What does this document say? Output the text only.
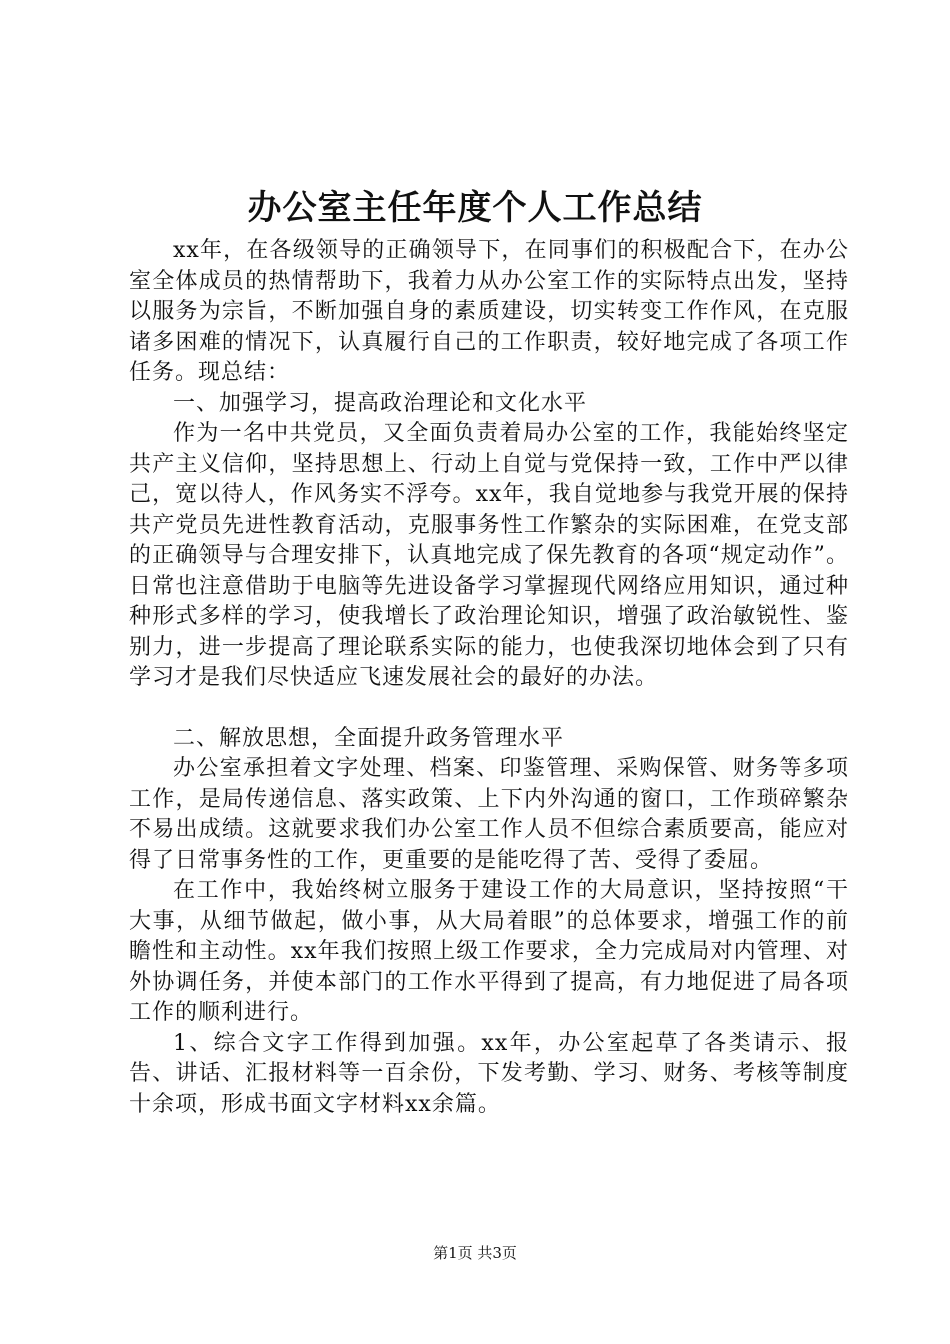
办公室主任年度个人工作总结

xx年，在各级领导的正确领导下，在同事们的积极配合下，在办公室全体成员的热情帮助下，我着力从办公室工作的实际特点出发，坚持以服务为宗旨，不断加强自身的素质建设，切实转变工作作风，在克服诸多困难的情况下，认真履行自己的工作职责，较好地完成了各项工作任务。现总结：

一、加强学习，提高政治理论和文化水平

作为一名中共党员，又全面负责着局办公室的工作，我能始终坚定共产主义信仰，坚持思想上、行动上自觉与党保持一致，工作中严以律己，宽以待人，作风务实不浮夸。xx年，我自觉地参与我党开展的保持共产党员先进性教育活动，克服事务性工作繁杂的实际困难，在党支部的正确领导与合理安排下，认真地完成了保先教育的各项“规定动作”。日常也注意借助于电脑等先进设备学习掌握现代网络应用知识，通过种种形式多样的学习，使我增长了政治理论知识，增强了政治敏锐性、鉴别力，进一步提高了理论联系实际的能力，也使我深切地体会到了只有学习才是我们尽快适应飞速发展社会的最好的办法。

二、解放思想，全面提升政务管理水平

办公室承担着文字处理、档案、印鉴管理、采购保管、财务等多项工作，是局传递信息、落实政策、上下内外沟通的窗口，工作琐碎繁杂不易出成绩。这就要求我们办公室工作人员不但综合素质要高，能应对得了日常事务性的工作，更重要的是能吃得了苦、受得了委屈。

在工作中，我始终树立服务于建设工作的大局意识，坚持按照“干大事，从细节做起，做小事，从大局着眼”的总体要求，增强工作的前瞻性和主动性。xx年我们按照上级工作要求，全力完成局对内管理、对外协调任务，并使本部门的工作水平得到了提高，有力地促进了局各项工作的顺利进行。

1、综合文字工作得到加强。xx年，办公室起草了各类请示、报告、讲话、汇报材料等一百余份，下发考勤、学习、财务、考核等制度十余项，形成书面文字材料xx余篇。

第1页 共3页
